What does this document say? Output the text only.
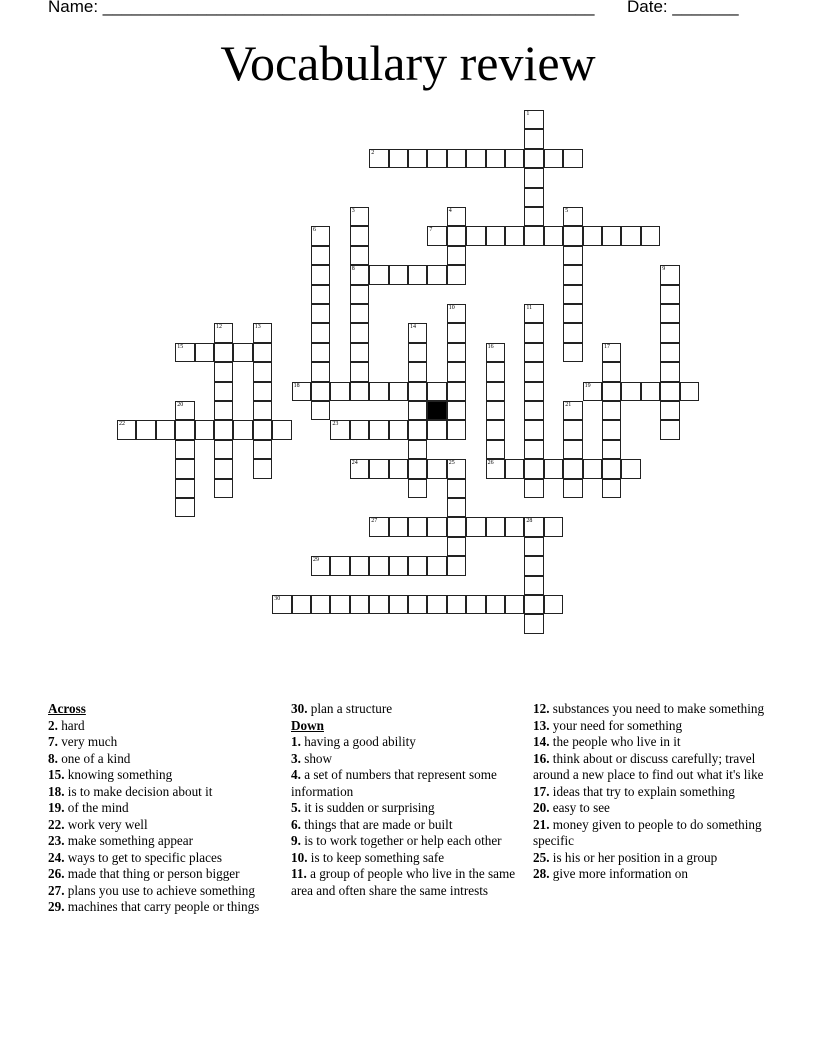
Name: ____________________________________________________ Date: _______
Vocabulary review
1
2
3
8
4	5
6	7
9
10	11
12	13	14
15	16
26
17
18	19
20	21
22	23
24	25
27	28
29
30
Across
2. hard
7. very much
8. one of a kind
15. knowing something
18. is to make decision about it
19. of the mind
22. work very well
23. make something appear
24. ways to get to specific places
26. made that thing or person bigger
27. plans you use to achieve something
29. machines that carry people or things
30. plan a structure
Down
1. having a good ability
3. show
4. a set of numbers that represent some information
5. it is sudden or surprising
6. things that are made or built
9. is to work together or help each other
10. is to keep something safe
11. a group of people who live in the same area and often share the same intrests
12. substances you need to make something
13. your need for something
14. the people who live in it
16. think about or discuss carefully; travel around a new place to find out what it's like
17. ideas that try to explain something
20. easy to see
21. money given to people to do something specific
25. is his or her position in a group
28. give more information on
